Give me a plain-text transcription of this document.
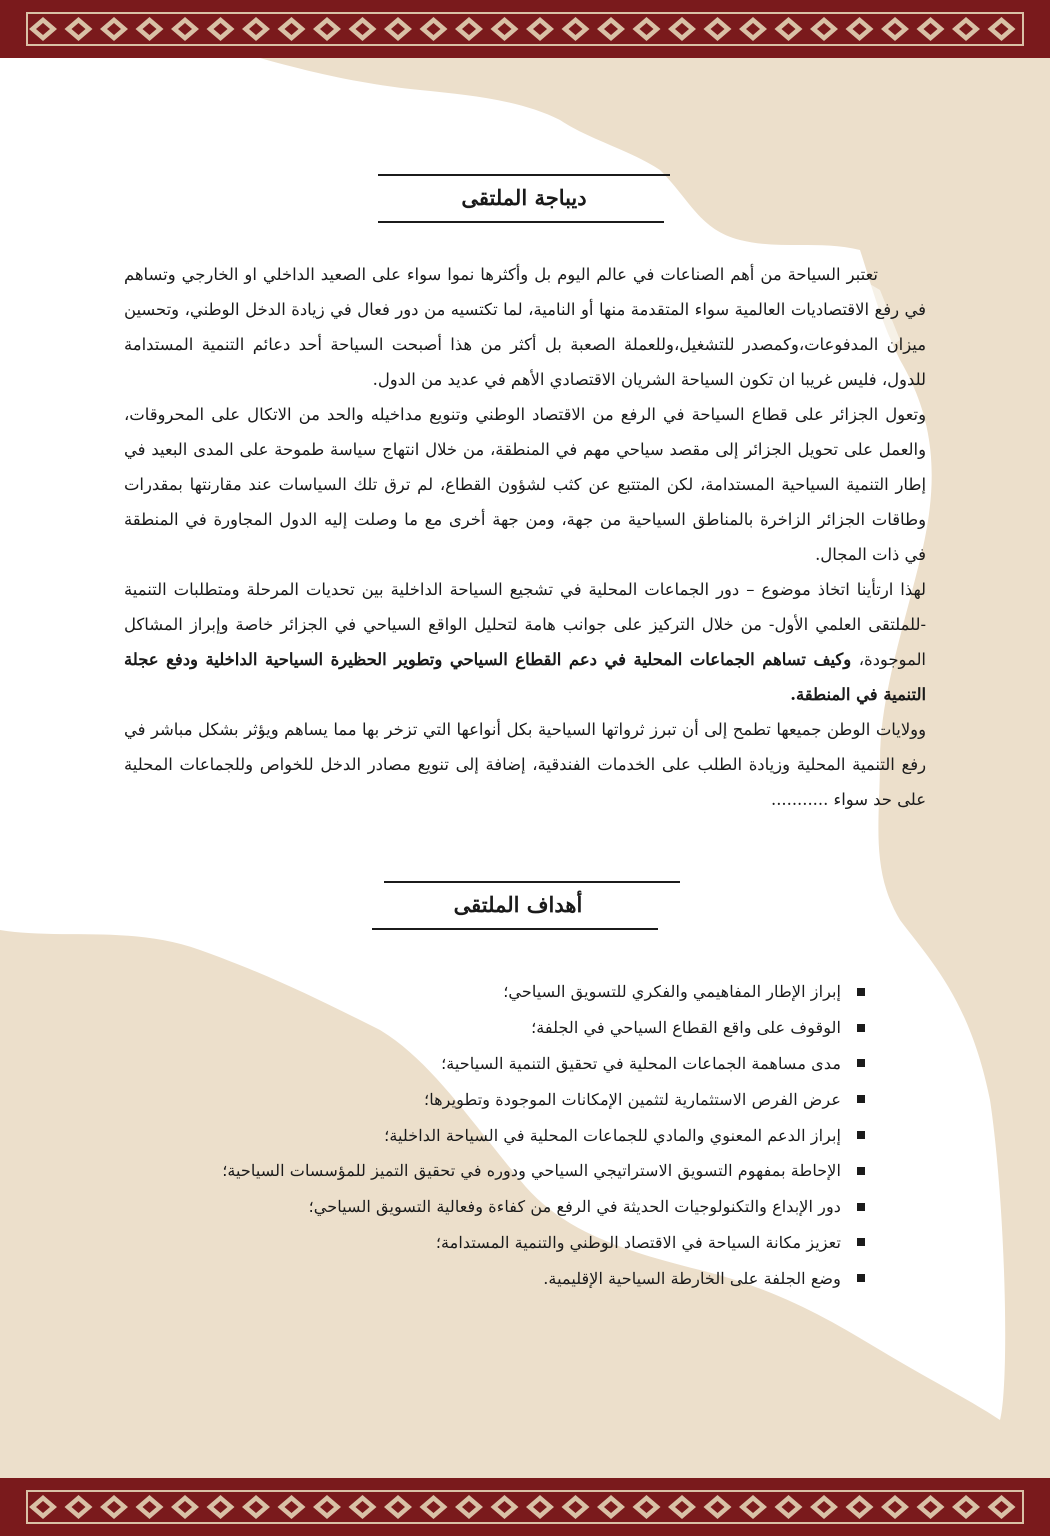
ديباجة الملتقى

تعتبر السياحة من أهم الصناعات في عالم اليوم بل وأكثرها نموا سواء على الصعيد الداخلي او الخارجي وتساهم في رفع الاقتصاديات العالمية سواء المتقدمة منها أو النامية، لما تكتسيه من دور فعال في زيادة الدخل الوطني، وتحسين ميزان المدفوعات،وكمصدر للتشغيل،وللعملة الصعبة بل أكثر من هذا أصبحت السياحة أحد دعائم التنمية المستدامة للدول، فليس غريبا ان تكون السياحة الشريان الاقتصادي الأهم في عديد من الدول.

وتعول الجزائر على قطاع السياحة في الرفع من الاقتصاد الوطني وتنويع مداخيله والحد من الاتكال على المحروقات، والعمل على تحويل الجزائر إلى مقصد سياحي مهم في المنطقة، من خلال انتهاج سياسة طموحة على المدى البعيد في إطار التنمية السياحية المستدامة، لكن المتتبع عن كثب لشؤون القطاع، لم ترق تلك السياسات عند مقارنتها بمقدرات وطاقات الجزائر الزاخرة بالمناطق السياحية من جهة، ومن جهة أخرى مع ما وصلت إليه الدول المجاورة في المنطقة في ذات المجال.

لهذا ارتأينا اتخاذ موضوع – دور الجماعات المحلية في تشجيع السياحة الداخلية بين تحديات المرحلة ومتطلبات التنمية -للملتقى العلمي الأول- من خلال التركيز على جوانب هامة لتحليل الواقع السياحي في الجزائر خاصة وإبراز المشاكل الموجودة، وكيف تساهم الجماعات المحلية في دعم القطاع السياحي وتطوير الحظيرة السياحية الداخلية ودفع عجلة التنمية في المنطقة.

وولايات الوطن جميعها تطمح إلى أن تبرز ثرواتها السياحية بكل أنواعها التي تزخر بها مما يساهم ويؤثر بشكل مباشر في رفع التنمية المحلية وزيادة الطلب على الخدمات الفندقية، إضافة إلى تنويع مصادر الدخل للخواص وللجماعات المحلية على حد سواء ...........

أهداف الملتقى
إبراز الإطار المفاهيمي والفكري للتسويق السياحي؛
الوقوف على واقع القطاع السياحي في الجلفة؛
مدى مساهمة الجماعات المحلية في تحقيق التنمية السياحية؛
عرض الفرص الاستثمارية لتثمين الإمكانات الموجودة وتطويرها؛
إبراز الدعم المعنوي والمادي للجماعات المحلية في السياحة الداخلية؛
الإحاطة بمفهوم التسويق الاستراتيجي السياحي ودوره في تحقيق التميز للمؤسسات السياحية؛
دور الإبداع والتكنولوجيات الحديثة في الرفع من كفاءة وفعالية التسويق السياحي؛
تعزيز مكانة السياحة في الاقتصاد الوطني والتنمية المستدامة؛
وضع الجلفة على الخارطة السياحية الإقليمية.
